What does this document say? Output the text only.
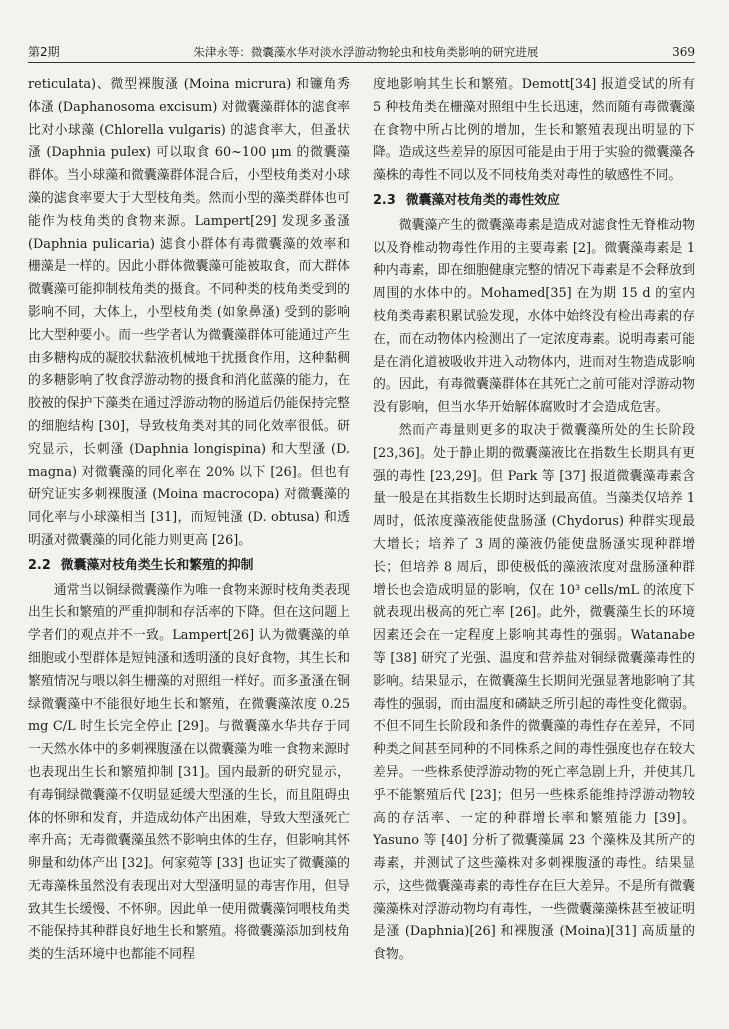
第2期	朱津永等：微囊藻水华对淡水浮游动物轮虫和枝角类影响的研究进展	369

reticulata)、微型裸腹溞 (Moina micrura) 和镰角秀体溞 (Daphanosoma excisum) 对微囊藻群体的滤食率比对小球藻 (Chlorella vulgaris) 的滤食率大，但蚤状溞 (Daphnia pulex) 可以取食 60~100 μm 的微囊藻群体。当小球藻和微囊藻群体混合后，小型枝角类对小球藻的滤食率要大于大型枝角类。然而小型的藻类群体也可能作为枝角类的食物来源。Lampert[29] 发现多蚤溞 (Daphnia pulicaria) 滤食小群体有毒微囊藻的效率和栅藻是一样的。因此小群体微囊藻可能被取食，而大群体微囊藻可能抑制枝角类的摄食。不同种类的枝角类受到的影响不同，大体上，小型枝角类 (如象鼻溞) 受到的影响比大型种要小。而一些学者认为微囊藻群体可能通过产生由多糖构成的凝胶状黏液机械地干扰摄食作用，这种黏稠的多糖影响了牧食浮游动物的摄食和消化蓝藻的能力，在胶被的保护下藻类在通过浮游动物的肠道后仍能保持完整的细胞结构 [30]，导致枝角类对其的同化效率很低。研究显示，长刺溞 (Daphnia longispina) 和大型溞 (D. magna) 对微囊藻的同化率在 20% 以下 [26]。但也有研究证实多刺裸腹溞 (Moina macrocopa) 对微囊藻的同化率与小球藻相当 [31]，而短钝溞 (D. obtusa) 和透明溞对微囊藻的同化能力则更高 [26]。

2.2 微囊藻对枝角类生长和繁殖的抑制

通常当以铜绿微囊藻作为唯一食物来源时枝角类表现出生长和繁殖的严重抑制和存活率的下降。但在这问题上学者们的观点并不一致。Lampert[26] 认为微囊藻的单细胞或小型群体是短钝溞和透明溞的良好食物，其生长和繁殖情况与喂以斜生栅藻的对照组一样好。而多蚤溞在铜绿微囊藻中不能很好地生长和繁殖，在微囊藻浓度 0.25 mg C/L 时生长完全停止 [29]。与微囊藻水华共存于同一天然水体中的多刺裸腹溞在以微囊藻为唯一食物来源时也表现出生长和繁殖抑制 [31]。国内最新的研究显示，有毒铜绿微囊藻不仅明显延缓大型溞的生长，而且阻碍虫体的怀卵和发育，并造成幼体产出困难，导致大型溞死亡率升高；无毒微囊藻虽然不影响虫体的生存，但影响其怀卵量和幼体产出 [32]。何家菀等 [33] 也证实了微囊藻的无毒藻株虽然没有表现出对大型溞明显的毒害作用，但导致其生长缓慢、不怀卵。因此单一使用微囊藻饲喂枝角类不能保持其种群良好地生长和繁殖。将微囊藻添加到枝角类的生活环境中也都能不同程

度地影响其生长和繁殖。Demott[34] 报道受试的所有 5 种枝角类在栅藻对照组中生长迅速，然而随有毒微囊藻在食物中所占比例的增加，生长和繁殖表现出明显的下降。造成这些差异的原因可能是由于用于实验的微囊藻各藻株的毒性不同以及不同枝角类对毒性的敏感性不同。

2.3 微囊藻对枝角类的毒性效应

微囊藻产生的微囊藻毒素是造成对滤食性无脊椎动物以及脊椎动物毒性作用的主要毒素 [2]。微囊藻毒素是 1 种内毒素，即在细胞健康完整的情况下毒素是不会释放到周围的水体中的。Mohamed[35] 在为期 15 d 的室内枝角类毒素积累试验发现，水体中始终没有检出毒素的存在，而在动物体内检测出了一定浓度毒素。说明毒素可能是在消化道被吸收并进入动物体内，进而对生物造成影响的。因此，有毒微囊藻群体在其死亡之前可能对浮游动物没有影响，但当水华开始解体腐败时才会造成危害。

然而产毒量则更多的取决于微囊藻所处的生长阶段 [23,36]。处于静止期的微囊藻液比在指数生长期具有更强的毒性 [23,29]。但 Park 等 [37] 报道微囊藻毒素含量一般是在其指数生长期时达到最高值。当藻类仅培养 1 周时，低浓度藻液能使盘肠溞 (Chydorus) 种群实现最大增长；培养了 3 周的藻液仍能使盘肠溞实现种群增长；但培养 8 周后，即使极低的藻液浓度对盘肠溞种群增长也会造成明显的影响，仅在 10³ cells/mL 的浓度下就表现出极高的死亡率 [26]。此外，微囊藻生长的环境因素还会在一定程度上影响其毒性的强弱。Watanabe 等 [38] 研究了光强、温度和营养盐对铜绿微囊藻毒性的影响。结果显示，在微囊藻生长期间光强显著地影响了其毒性的强弱，而由温度和磷缺乏所引起的毒性变化微弱。不但不同生长阶段和条件的微囊藻的毒性存在差异，不同种类之间甚至同种的不同株系之间的毒性强度也存在较大差异。一些株系使浮游动物的死亡率急剧上升，并使其几乎不能繁殖后代 [23]；但另一些株系能维持浮游动物较高的存活率、一定的种群增长率和繁殖能力 [39]。Yasuno 等 [40] 分析了微囊藻属 23 个藻株及其所产的毒素，并测试了这些藻株对多刺裸腹溞的毒性。结果显示，这些微囊藻毒素的毒性存在巨大差异。不是所有微囊藻藻株对浮游动物均有毒性，一些微囊藻藻株甚至被证明是溞 (Daphnia)[26] 和裸腹溞 (Moina)[31] 高质量的食物。
